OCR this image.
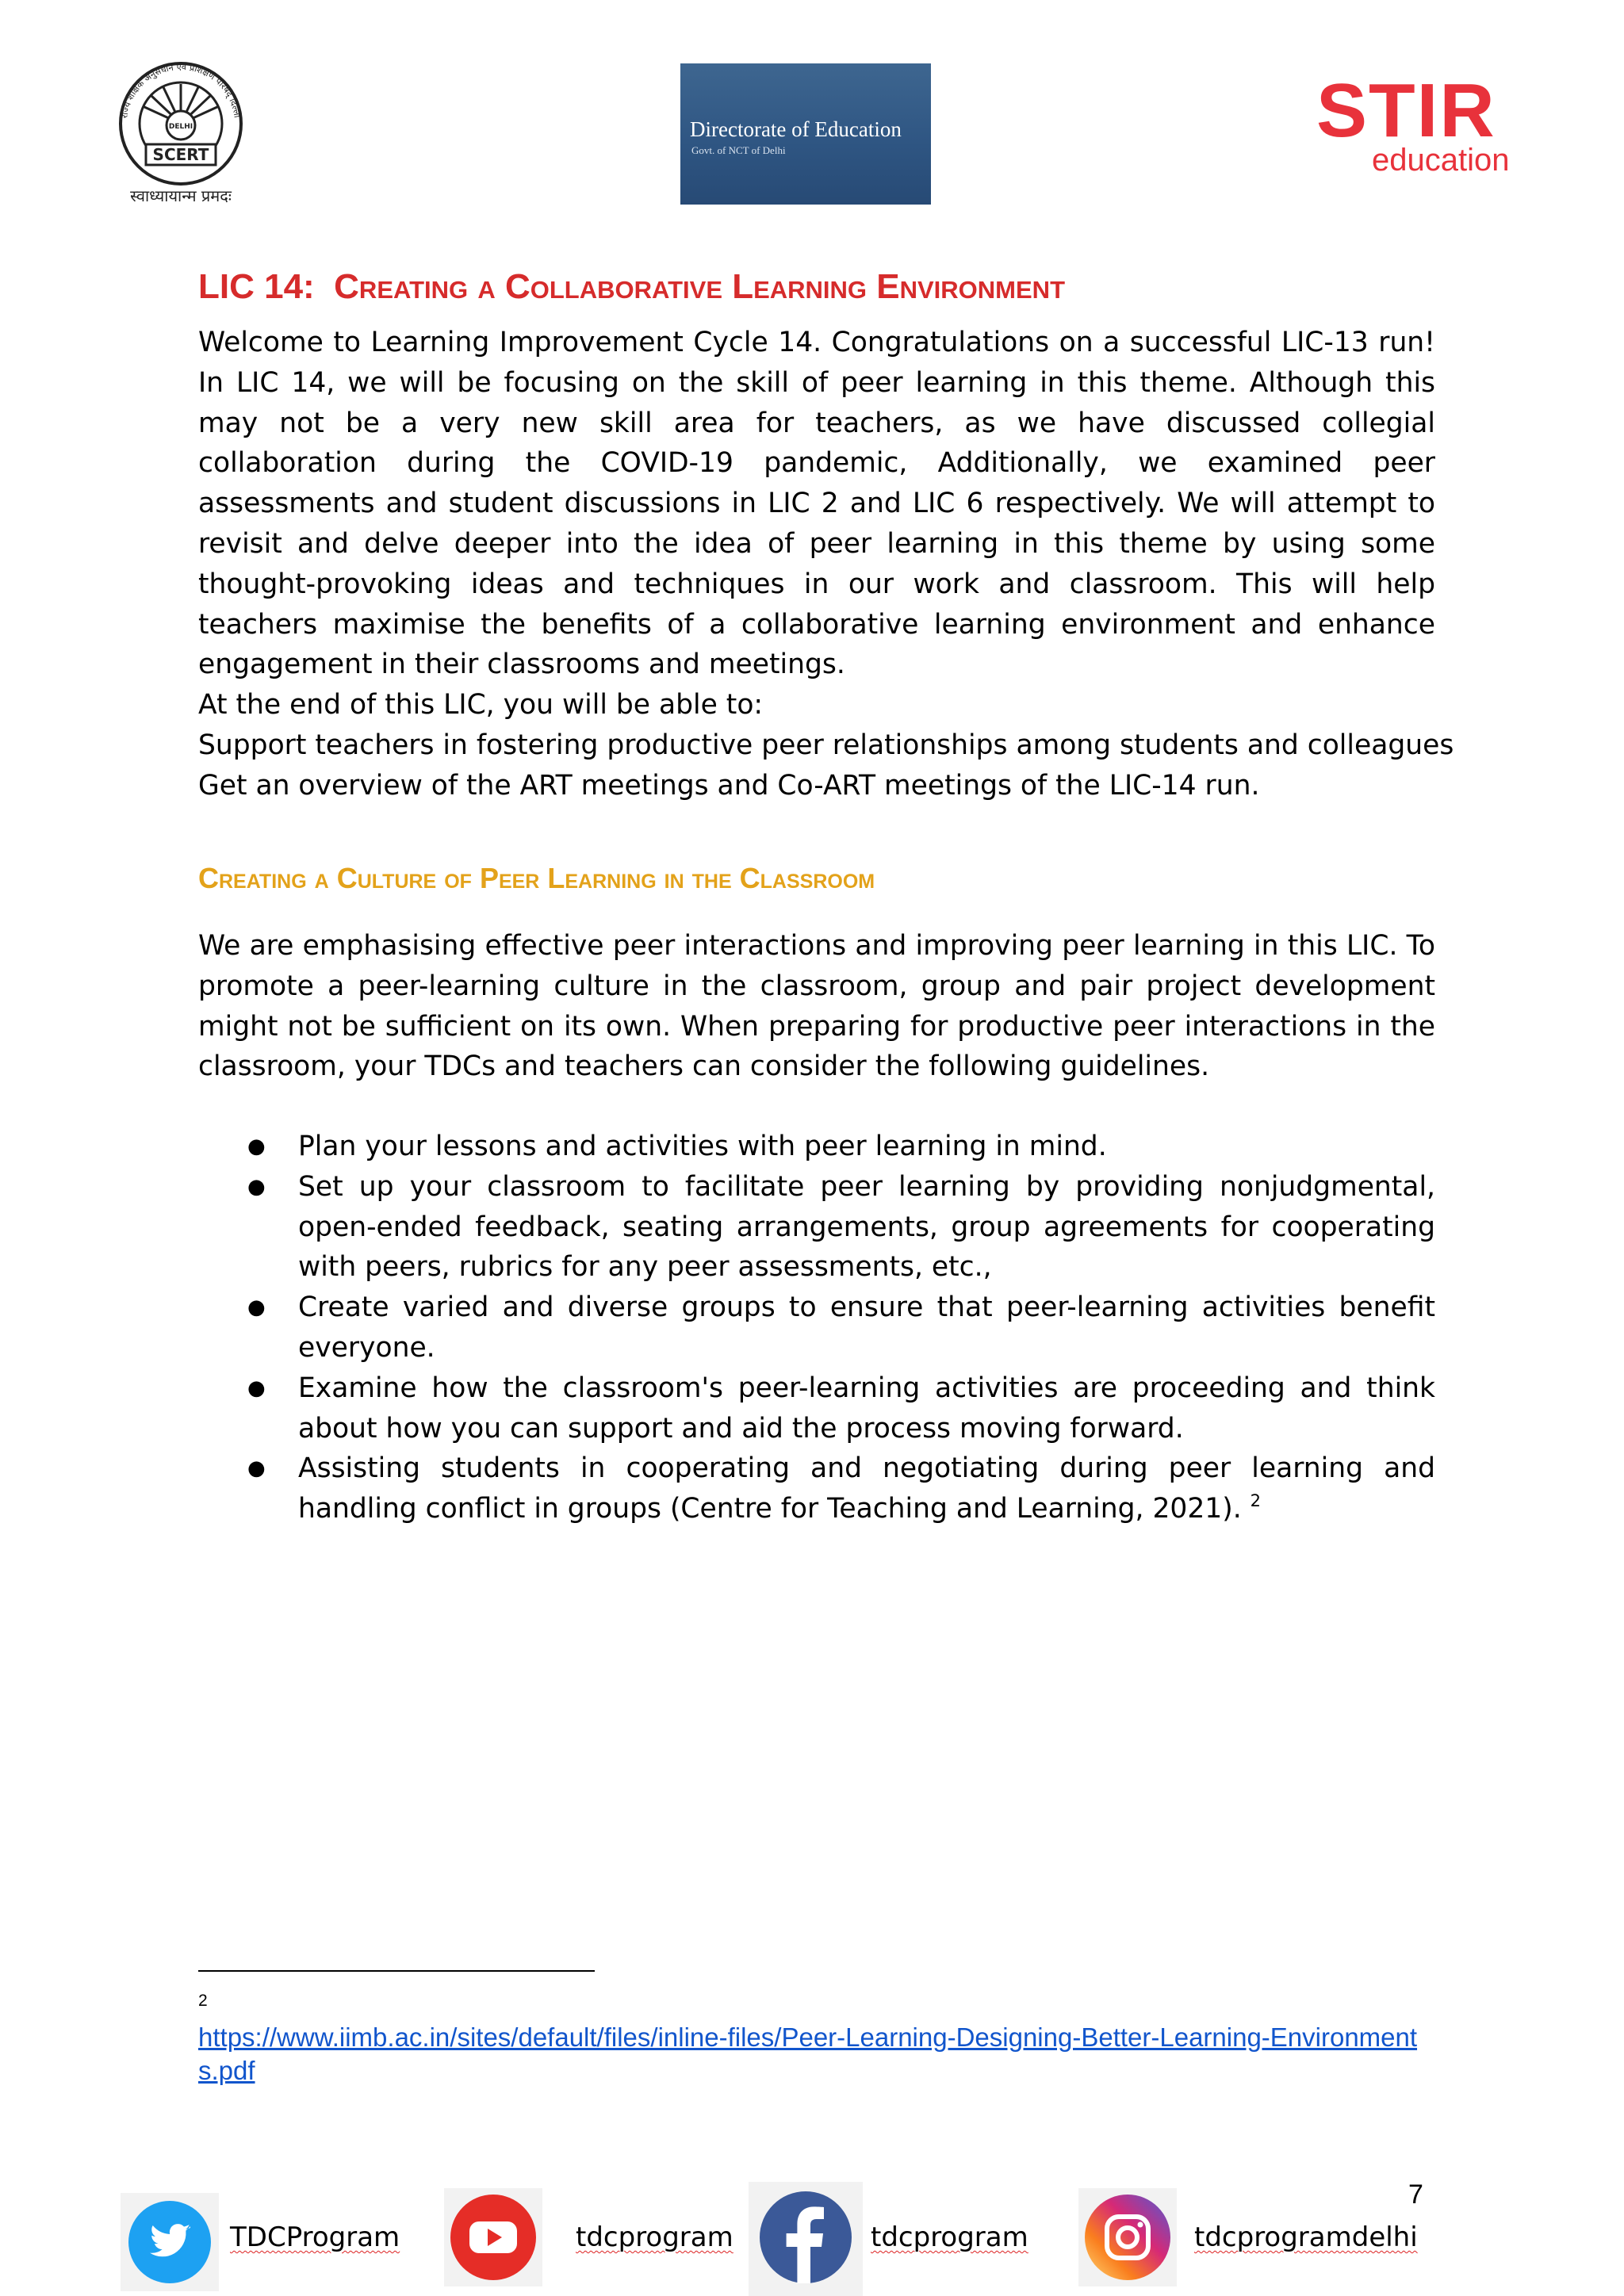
राज्य शैक्षिक अनुसंधान एवं प्रशिक्षण परिषद् दिल्ली
DELHI
SCERT
स्वाध्यायान्म प्रमदः
Directorate of Education
Govt. of NCT of Delhi	STIR
education
LIC 14: Creating a Collaborative Learning Environment

Welcome to Learning Improvement Cycle 14. Congratulations on a successful LIC-13 run! In LIC 14, we will be focusing on the skill of peer learning in this theme. Although this may not be a very new skill area for teachers, as we have discussed collegial collaboration during the COVID-19 pandemic, Additionally, we examined peer assessments and student discussions in LIC 2 and LIC 6 respectively. We will attempt to revisit and delve deeper into the idea of peer learning in this theme by using some thought-provoking ideas and techniques in our work and classroom. This will help teachers maximise the benefits of a collaborative learning environment and enhance engagement in their classrooms and meetings.

At the end of this LIC, you will be able to:

Support teachers in fostering productive peer relationships among students and colleagues

Get an overview of the ART meetings and Co-ART meetings of the LIC-14 run.

Creating a Culture of Peer Learning in the Classroom

We are emphasising effective peer interactions and improving peer learning in this LIC. To promote a peer-learning culture in the classroom, group and pair project development might not be sufficient on its own. When preparing for productive peer interactions in the classroom, your TDCs and teachers can consider the following guidelines.

● Plan your lessons and activities with peer learning in mind.
● Set up your classroom to facilitate peer learning by providing nonjudgmental, open-ended feedback, seating arrangements, group agreements for cooperating with peers, rubrics for any peer assessments, etc.,
● Create varied and diverse groups to ensure that peer-learning activities benefit everyone.
● Examine how the classroom's peer-learning activities are proceeding and think about how you can support and aid the process moving forward.
● Assisting students in cooperating and negotiating during peer learning and handling conflict in groups (Centre for Teaching and Learning, 2021). $^2$
2
https://www.iimb.ac.in/sites/default/files/inline-files/Peer-Learning-Designing-Better-Learning-Environments.pdf
7
TDCProgram	tdcprogram	tdcprogram	tdcprogramdelhi
